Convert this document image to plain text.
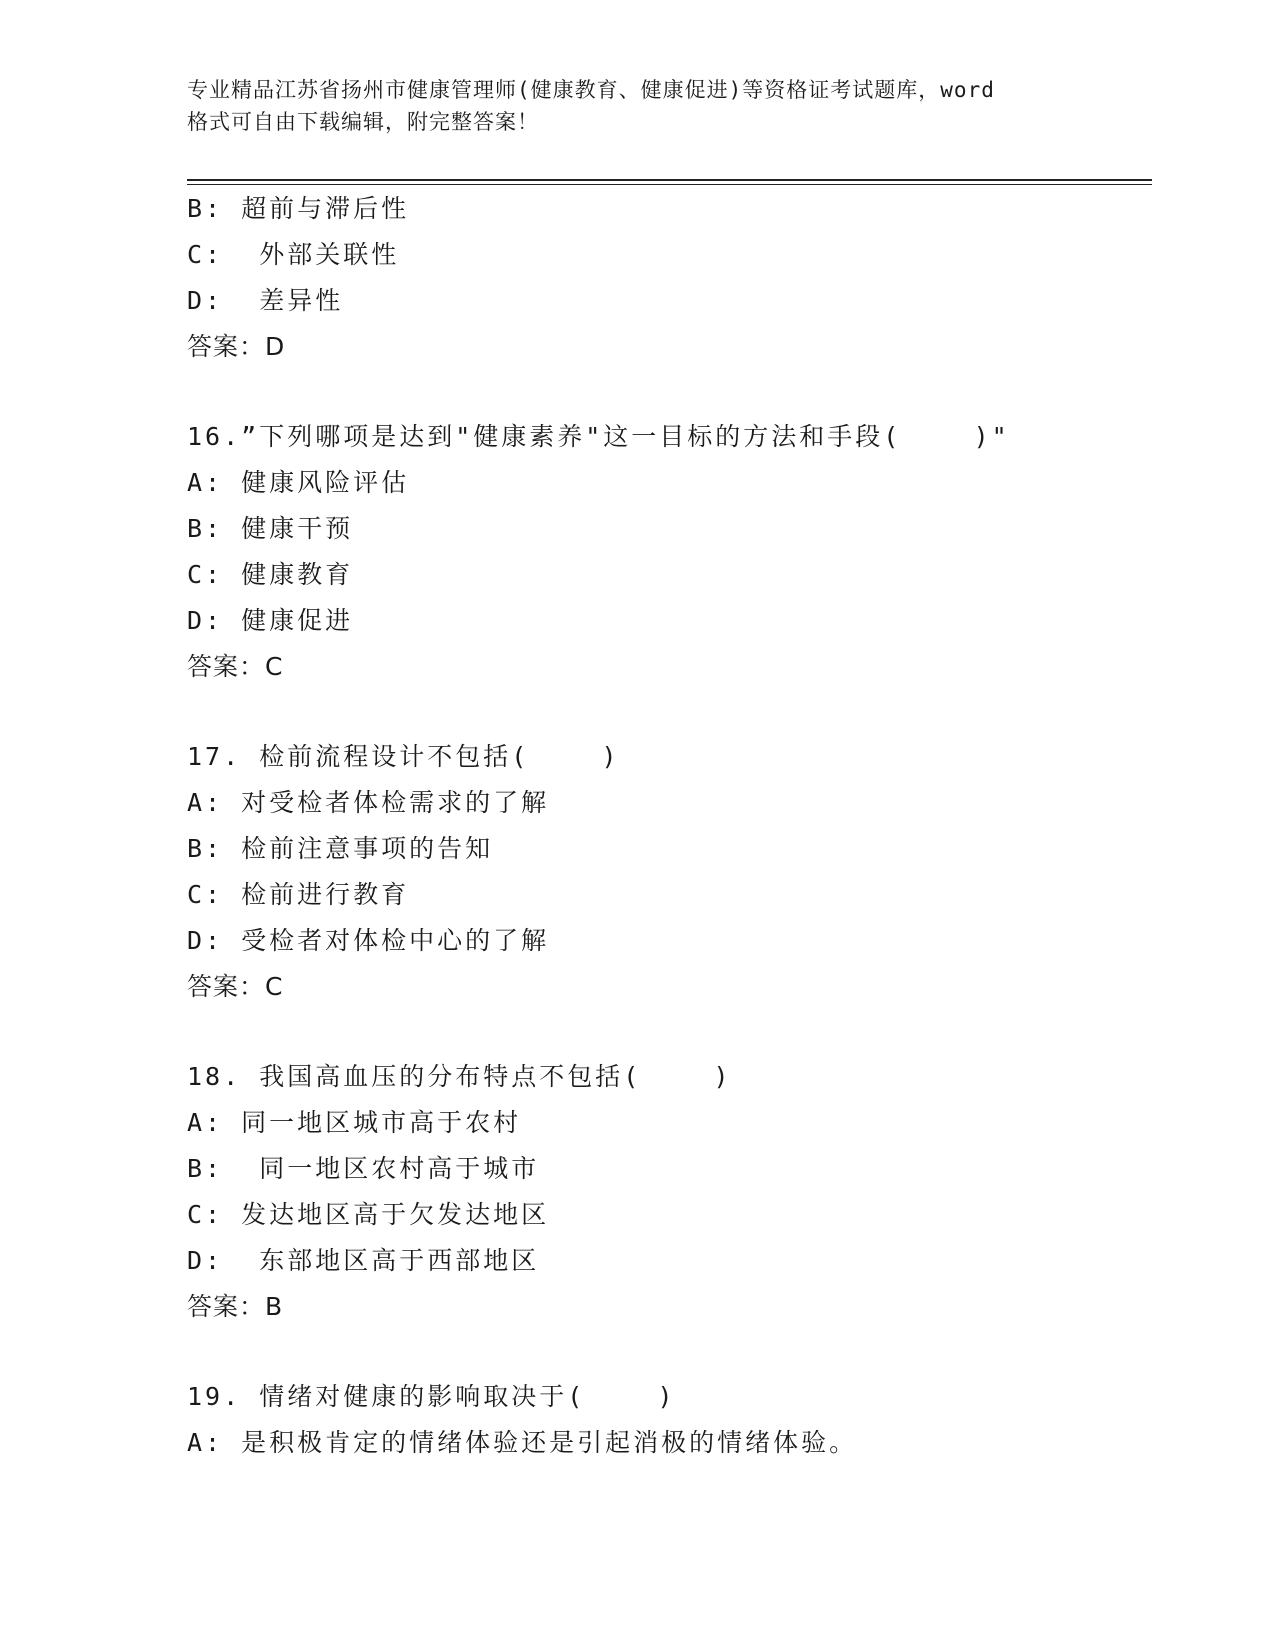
专业精品江苏省扬州市健康管理师(健康教育、健康促进)等资格证考试题库，word
格式可自由下载编辑，附完整答案！
B: 超前与滞后性
C:  外部关联性
D:  差异性
答案：D
16.”下列哪项是达到"健康素养"这一目标的方法和手段(    )"
A: 健康风险评估
B: 健康干预
C: 健康教育
D: 健康促进
答案：C
17. 检前流程设计不包括(    )
A: 对受检者体检需求的了解
B: 检前注意事项的告知
C: 检前进行教育
D: 受检者对体检中心的了解
答案：C
18. 我国高血压的分布特点不包括(    )
A: 同一地区城市高于农村
B:  同一地区农村高于城市
C: 发达地区高于欠发达地区
D:  东部地区高于西部地区
答案：B
19. 情绪对健康的影响取决于(    )
A: 是积极肯定的情绪体验还是引起消极的情绪体验。
